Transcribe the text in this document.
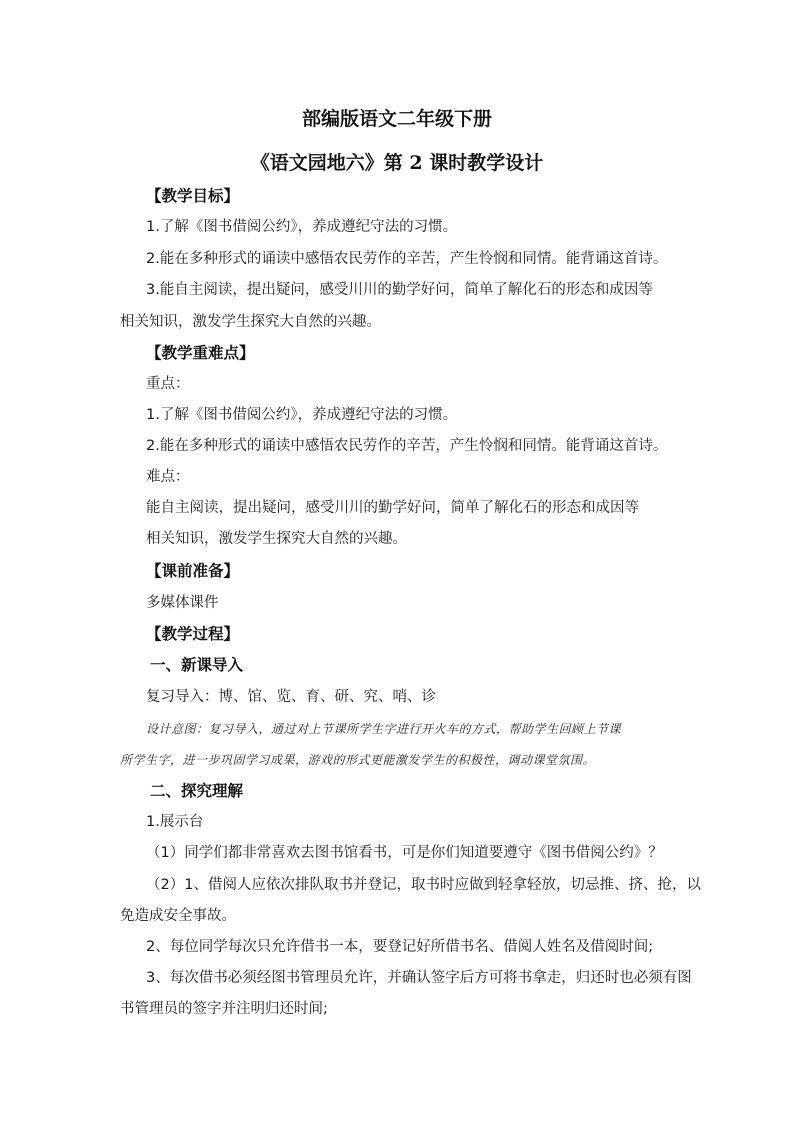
部编版语文二年级下册
《语文园地六》第 2 课时教学设计
【教学目标】
1.了解《图书借阅公约》，养成遵纪守法的习惯。
2.能在多种形式的诵读中感悟农民劳作的辛苦，产生怜悯和同情。能背诵这首诗。
3.能自主阅读，提出疑问，感受川川的勤学好问，简单了解化石的形态和成因等
相关知识，激发学生探究大自然的兴趣。
【教学重难点】
重点：
1.了解《图书借阅公约》，养成遵纪守法的习惯。
2.能在多种形式的诵读中感悟农民劳作的辛苦，产生怜悯和同情。能背诵这首诗。
难点：
能自主阅读，提出疑问，感受川川的勤学好问，简单了解化石的形态和成因等
相关知识，激发学生探究大自然的兴趣。
【课前准备】
多媒体课件
【教学过程】
一、新课导入
复习导入：博、馆、览、育、研、究、哨、诊
设计意图：复习导入，通过对上节课所学生字进行开火车的方式，帮助学生回顾上节课
所学生字，进一步巩固学习成果，游戏的形式更能激发学生的积极性，调动课堂氛围。
二、探究理解
1.展示台
（1）同学们都非常喜欢去图书馆看书，可是你们知道要遵守《图书借阅公约》？
（2）1、借阅人应依次排队取书并登记，取书时应做到轻拿轻放，切忌推、挤、抢，以
免造成安全事故。
2、每位同学每次只允许借书一本，要登记好所借书名、借阅人姓名及借阅时间;
3、每次借书必须经图书管理员允许，并确认签字后方可将书拿走，归还时也必须有图
书管理员的签字并注明归还时间;
